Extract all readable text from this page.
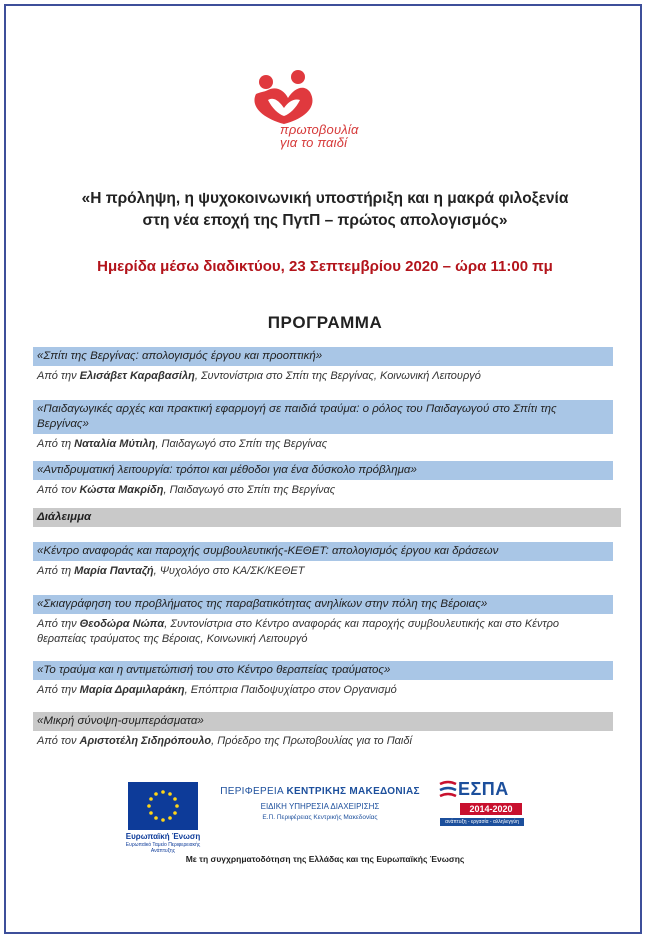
πρωτοβουλία
για το παιδί
«Η πρόληψη, η ψυχοκοινωνική υποστήριξη και η μακρά φιλοξενία
στη νέα εποχή της ΠγτΠ – πρώτος απολογισμός»
Ημερίδα μέσω διαδικτύου, 23 Σεπτεμβρίου 2020 – ώρα 11:00 πμ
ΠΡΟΓΡΑΜΜΑ
«Σπίτι της Βεργίνας: απολογισμός έργου και προοπτική»
Από την Ελισάβετ Καραβασίλη, Συντονίστρια στο Σπίτι της Βεργίνας, Κοινωνική Λειτουργό
«Παιδαγωγικές αρχές και πρακτική εφαρμογή σε παιδιά τραύμα: ο ρόλος του Παιδαγωγού στο Σπίτι της Βεργίνας»
Από τη Ναταλία Μύτιλη, Παιδαγωγό στο Σπίτι της Βεργίνας
«Αντιδρυματική λειτουργία: τρόποι και μέθοδοι για ένα δύσκολο πρόβλημα»
Από τον Κώστα Μακρίδη, Παιδαγωγό στο Σπίτι της Βεργίνας
Διάλειμμα
«Κέντρο αναφοράς και παροχής συμβουλευτικής-ΚΕΘΕΤ: απολογισμός έργου και δράσεων
Από τη Μαρία Πανταζή, Ψυχολόγο στο ΚΑ/ΣΚ/ΚΕΘΕΤ
«Σκιαγράφηση του προβλήματος της παραβατικότητας ανηλίκων στην πόλη της Βέροιας»
Από την Θεοδώρα Νώπα, Συντονίστρια στο Κέντρο αναφοράς και παροχής συμβουλευτικής και στο Κέντρο θεραπείας τραύματος της Βέροιας, Κοινωνική Λειτουργό
«Το τραύμα και η αντιμετώπισή του στο Κέντρο θεραπείας τραύματος»
Από την Μαρία Δραμιλαράκη, Επόπτρια Παιδοψυχίατρο στον Οργανισμό
«Μικρή σύνοψη-συμπεράσματα»
Από τον Αριστοτέλη Σιδηρόπουλο, Πρόεδρο της Πρωτοβουλίας για το Παιδί
Ευρωπαϊκή Ένωση
Ευρωπαϊκό Ταμείο Περιφερειακής Ανάπτυξης
ΠΕΡΙΦΕΡΕΙΑ ΚΕΝΤΡΙΚΗΣ ΜΑΚΕΔΟΝΙΑΣ
ΕΙΔΙΚΗ ΥΠΗΡΕΣΙΑ ΔΙΑΧΕΙΡΙΣΗΣ
Ε.Π. Περιφέρειας Κεντρικής Μακεδονίας
ΕΣΠΑ
2014-2020
ανάπτυξη - εργασία - αλληλεγγύη
Με τη συγχρηματοδότηση της Ελλάδας και της Ευρωπαϊκής Ένωσης
